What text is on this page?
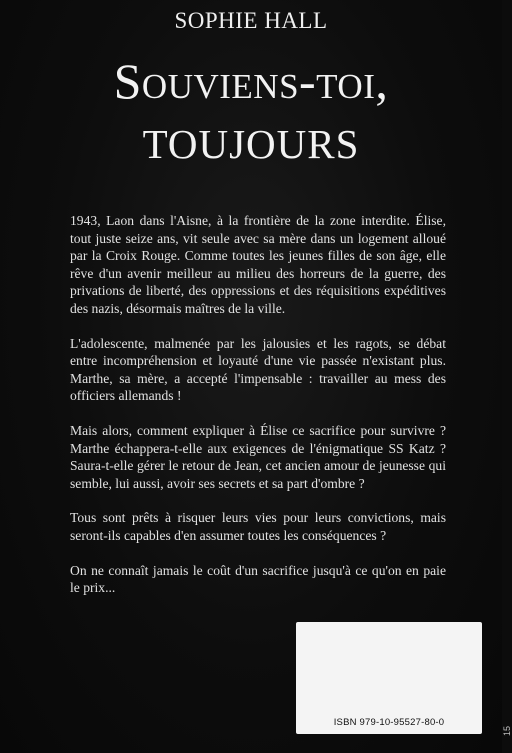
SOPHIE HALL
Souviens-toi,
toujours

1943, Laon dans l'Aisne, à la frontière de la zone interdite. Élise, tout juste seize ans, vit seule avec sa mère dans un logement alloué par la Croix Rouge. Comme toutes les jeunes filles de son âge, elle rêve d'un avenir meilleur au milieu des horreurs de la guerre, des privations de liberté, des oppressions et des réquisitions expéditives des nazis, désormais maîtres de la ville.

L'adolescente, malmenée par les jalousies et les ragots, se débat entre incompréhension et loyauté d'une vie passée n'existant plus. Marthe, sa mère, a accepté l'impensable : travailler au mess des officiers allemands !

Mais alors, comment expliquer à Élise ce sacrifice pour survivre ? Marthe échappera-t-elle aux exigences de l'énigmatique SS Katz ? Saura-t-elle gérer le retour de Jean, cet ancien amour de jeunesse qui semble, lui aussi, avoir ses secrets et sa part d'ombre ?

Tous sont prêts à risquer leurs vies pour leurs convictions, mais seront-ils capables d'en assumer toutes les conséquences ?

On ne connaît jamais le coût d'un sacrifice jusqu'à ce qu'on en paie le prix...

ISBN 979-10-95527-80-0
15
